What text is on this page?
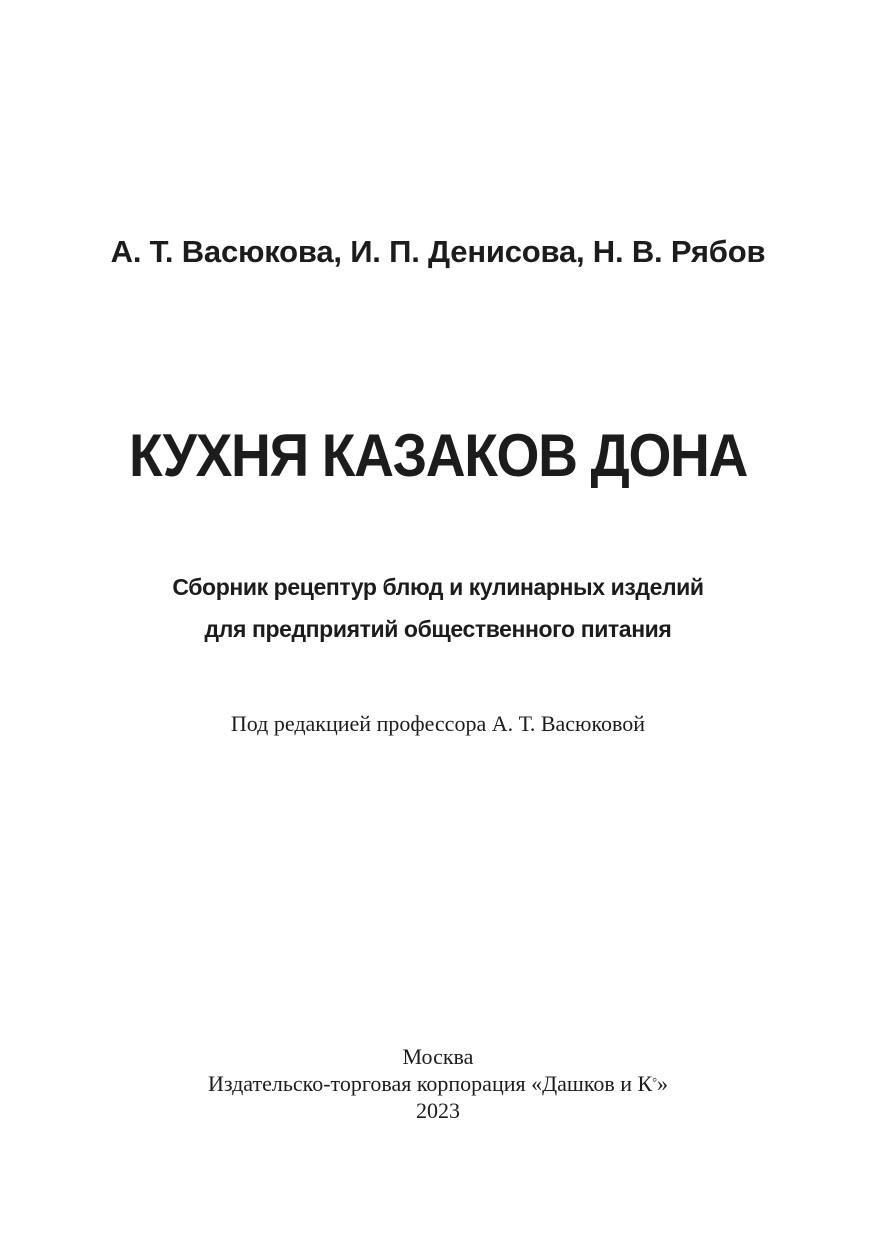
А. Т. Васюкова, И. П. Денисова, Н. В. Рябов
КУХНЯ КАЗАКОВ ДОНА
Сборник рецептур блюд и кулинарных изделий
для предприятий общественного питания
Под редакцией профессора А. Т. Васюковой
Москва
Издательско-торговая корпорация «Дашков и К°»
2023
